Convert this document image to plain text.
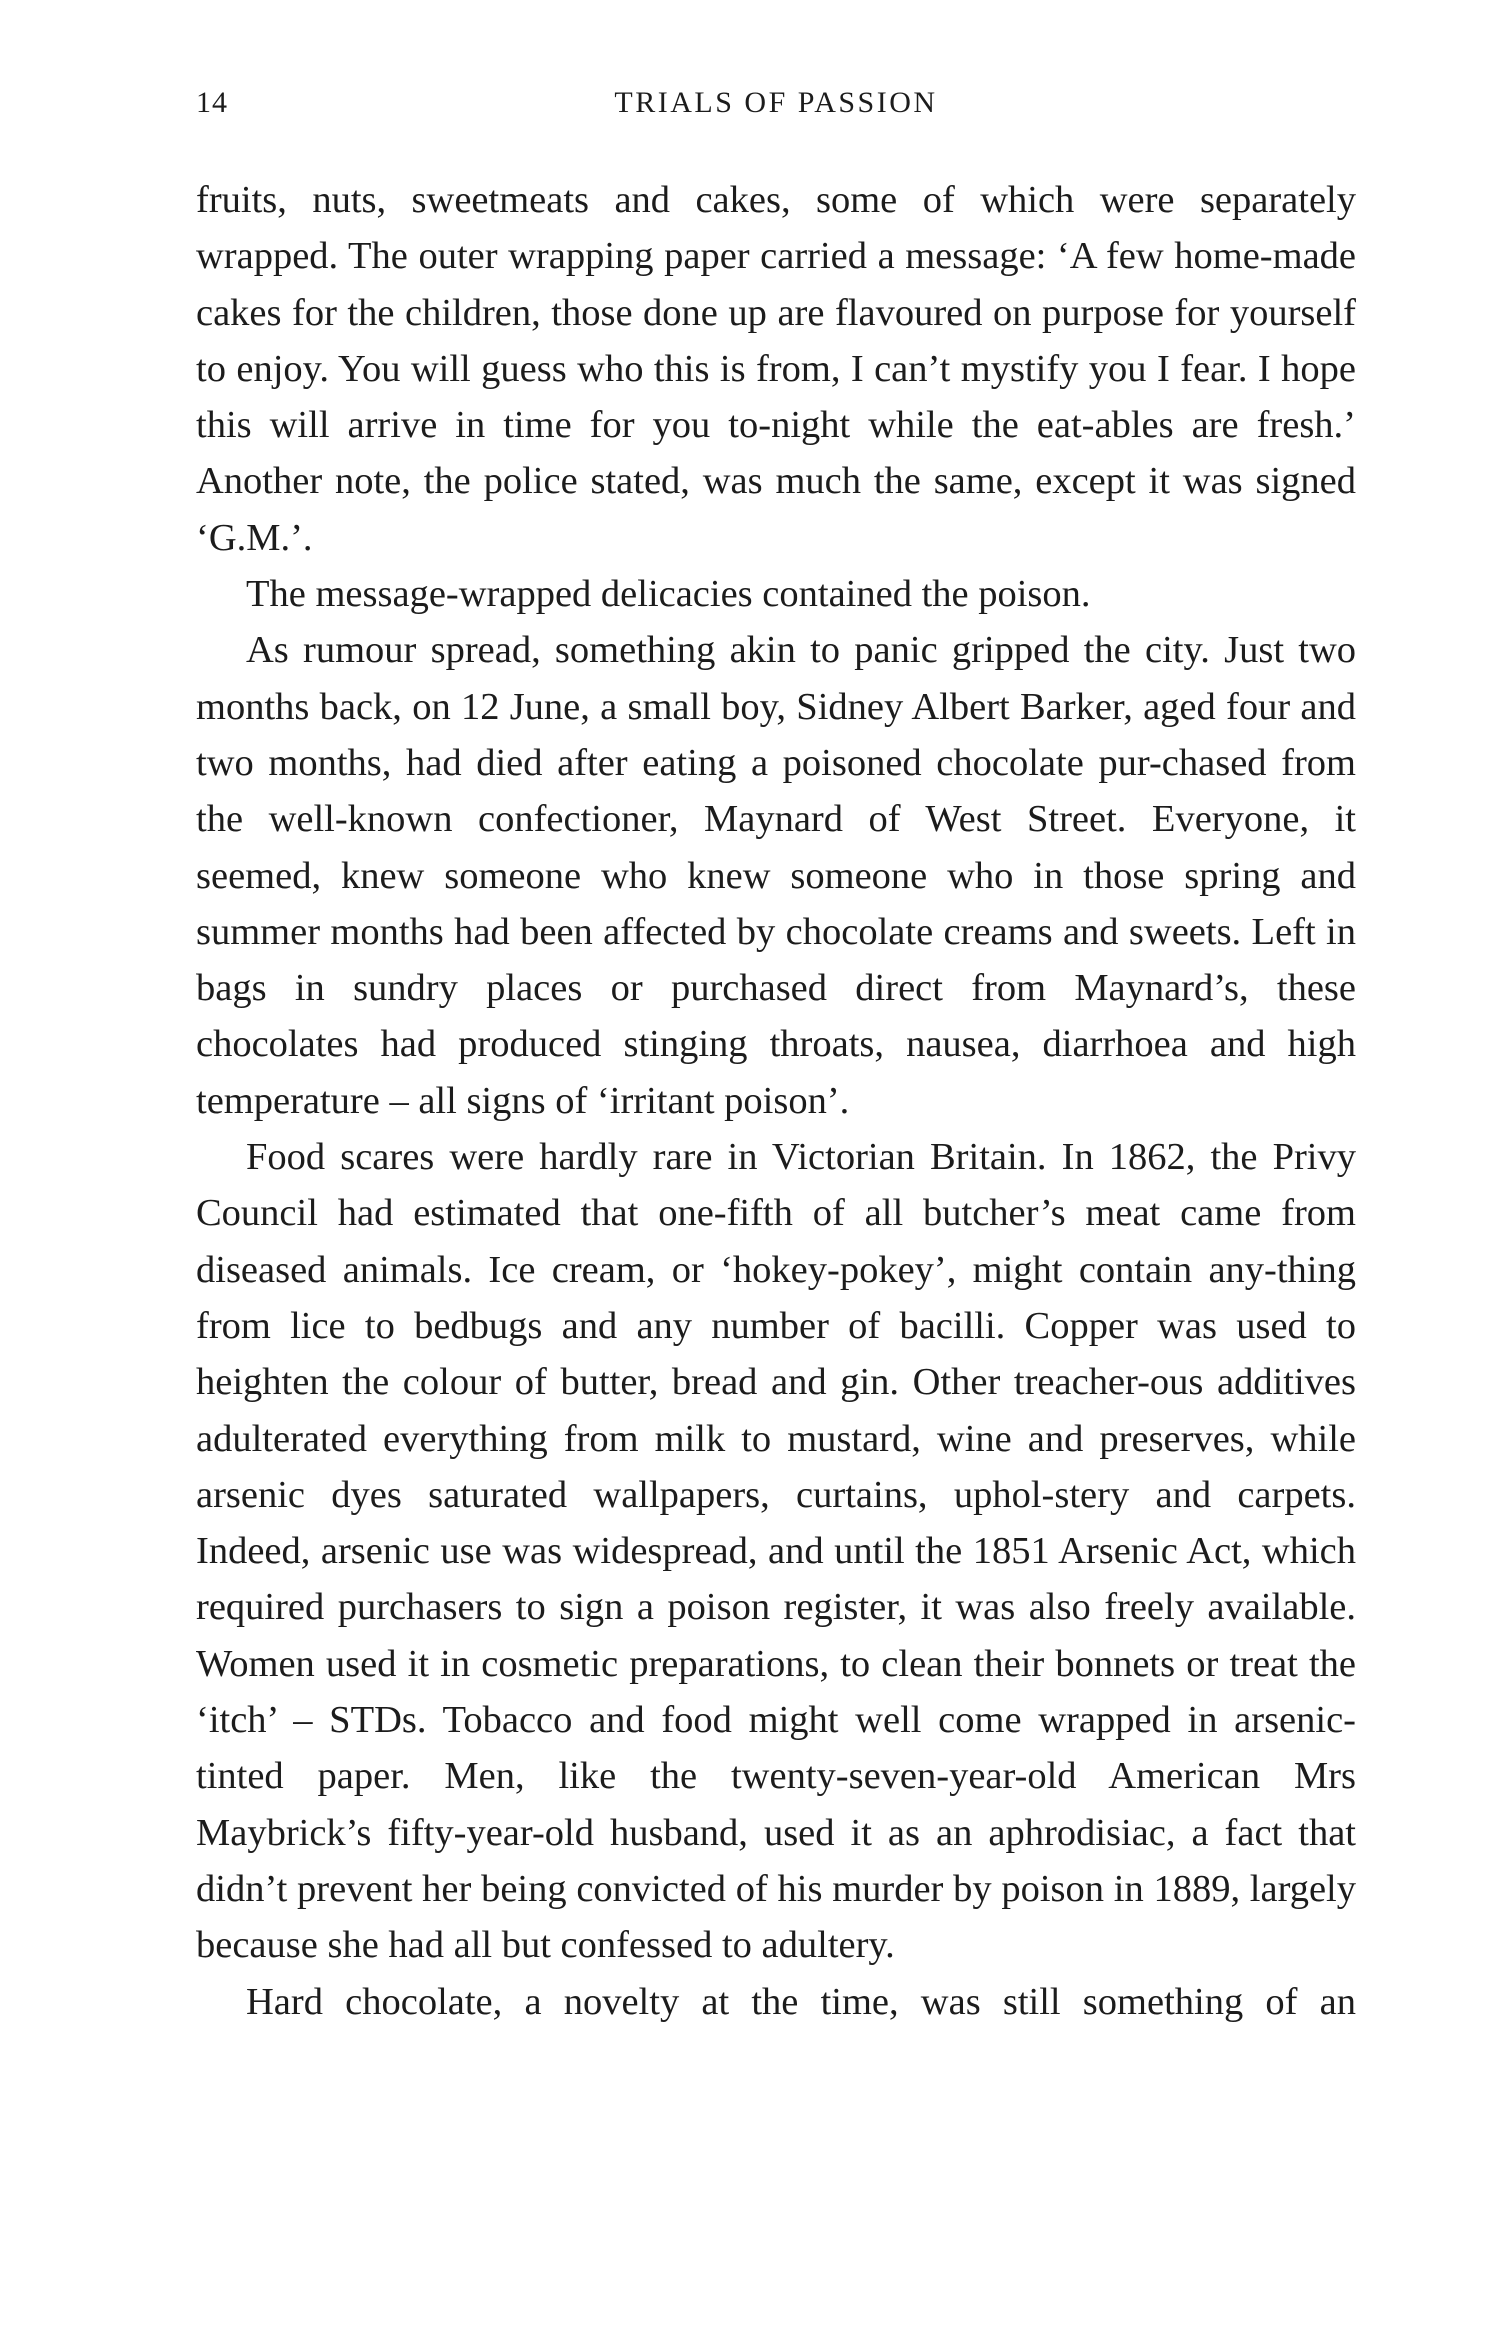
14	TRIALS OF PASSION

fruits, nuts, sweetmeats and cakes, some of which were separately wrapped. The outer wrapping paper carried a message: ‘A few home-made cakes for the children, those done up are flavoured on purpose for yourself to enjoy. You will guess who this is from, I can’t mystify you I fear. I hope this will arrive in time for you to-night while the eat-ables are fresh.’ Another note, the police stated, was much the same, except it was signed ‘G.M.’.

The message-wrapped delicacies contained the poison.

As rumour spread, something akin to panic gripped the city. Just two months back, on 12 June, a small boy, Sidney Albert Barker, aged four and two months, had died after eating a poisoned chocolate pur-chased from the well-known confectioner, Maynard of West Street. Everyone, it seemed, knew someone who knew someone who in those spring and summer months had been affected by chocolate creams and sweets. Left in bags in sundry places or purchased direct from Maynard’s, these chocolates had produced stinging throats, nausea, diarrhoea and high temperature – all signs of ‘irritant poison’.

Food scares were hardly rare in Victorian Britain. In 1862, the Privy Council had estimated that one-fifth of all butcher’s meat came from diseased animals. Ice cream, or ‘hokey-pokey’, might contain any-thing from lice to bedbugs and any number of bacilli. Copper was used to heighten the colour of butter, bread and gin. Other treacher-ous additives adulterated everything from milk to mustard, wine and preserves, while arsenic dyes saturated wallpapers, curtains, uphol-stery and carpets. Indeed, arsenic use was widespread, and until the 1851 Arsenic Act, which required purchasers to sign a poison register, it was also freely available. Women used it in cosmetic preparations, to clean their bonnets or treat the ‘itch’ – STDs. Tobacco and food might well come wrapped in arsenic-tinted paper. Men, like the twenty-seven-year-old American Mrs Maybrick’s fifty-year-old husband, used it as an aphrodisiac, a fact that didn’t prevent her being convicted of his murder by poison in 1889, largely because she had all but confessed to adultery.

Hard chocolate, a novelty at the time, was still something of an
